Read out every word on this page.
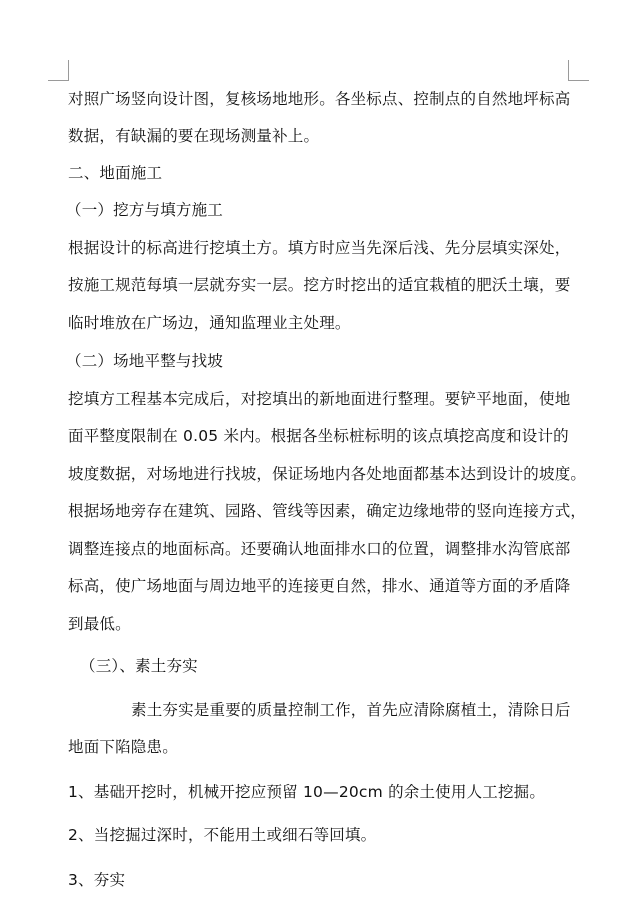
对照广场竖向设计图，复核场地地形。各坐标点、控制点的自然地坪标高
数据，有缺漏的要在现场测量补上。
二、地面施工
（一）挖方与填方施工
根据设计的标高进行挖填土方。填方时应当先深后浅、先分层填实深处，
按施工规范每填一层就夯实一层。挖方时挖出的适宜栽植的肥沃土壤，要
临时堆放在广场边，通知监理业主处理。
（二）场地平整与找坡
挖填方工程基本完成后，对挖填出的新地面进行整理。要铲平地面，使地
面平整度限制在 0.05 米内。根据各坐标桩标明的该点填挖高度和设计的
坡度数据，对场地进行找坡，保证场地内各处地面都基本达到设计的坡度。
根据场地旁存在建筑、园路、管线等因素，确定边缘地带的竖向连接方式，
调整连接点的地面标高。还要确认地面排水口的位置，调整排水沟管底部
标高，使广场地面与周边地平的连接更自然，排水、通道等方面的矛盾降
到最低。
（三）、素土夯实
素土夯实是重要的质量控制工作，首先应清除腐植土，清除日后
地面下陷隐患。
1、基础开挖时，机械开挖应预留 10—20cm 的余土使用人工挖掘。
2、当挖掘过深时，不能用土或细石等回填。
3、夯实
